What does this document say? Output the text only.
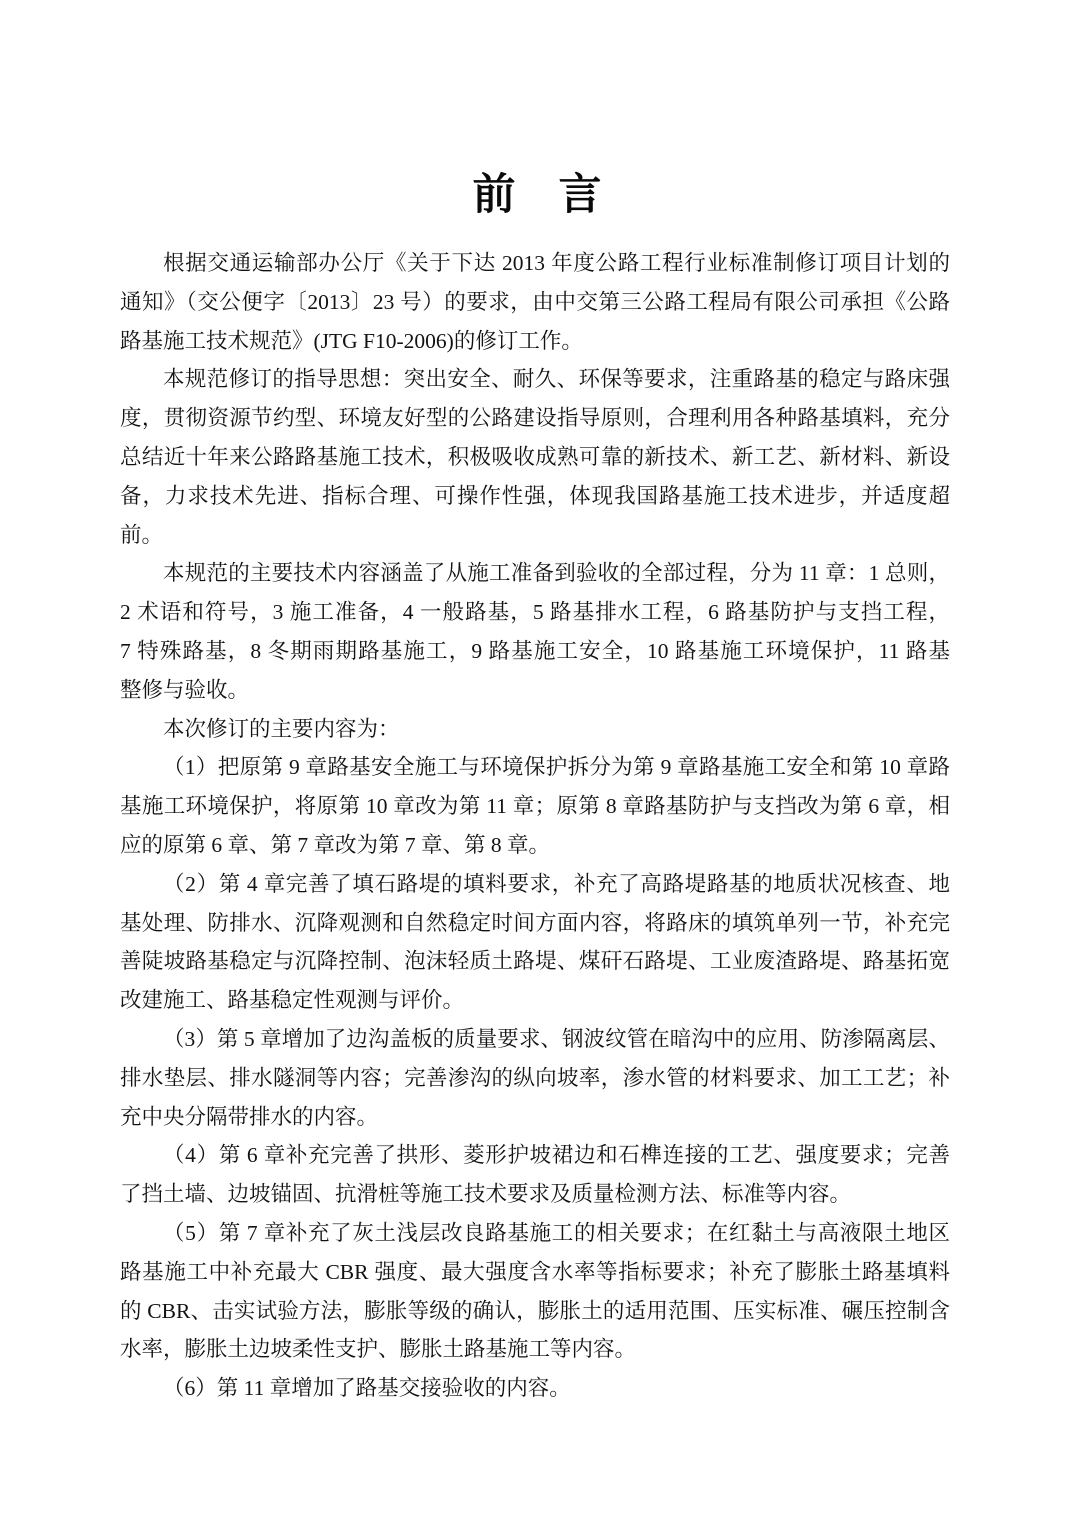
前　言

根据交通运输部办公厅《关于下达 2013 年度公路工程行业标准制修订项目计划的
通知》（交公便字〔2013〕23 号）的要求，由中交第三公路工程局有限公司承担《公路
路基施工技术规范》(JTG F10-2006)的修订工作。

本规范修订的指导思想：突出安全、耐久、环保等要求，注重路基的稳定与路床强
度，贯彻资源节约型、环境友好型的公路建设指导原则，合理利用各种路基填料，充分
总结近十年来公路路基施工技术，积极吸收成熟可靠的新技术、新工艺、新材料、新设
备，力求技术先进、指标合理、可操作性强，体现我国路基施工技术进步，并适度超前。

本规范的主要技术内容涵盖了从施工准备到验收的全部过程，分为 11 章：1 总则，
2 术语和符号，3 施工准备，4 一般路基，5 路基排水工程，6 路基防护与支挡工程，
7 特殊路基，8 冬期雨期路基施工，9 路基施工安全，10 路基施工环境保护，11 路基
整修与验收。

本次修订的主要内容为：

（1）把原第 9 章路基安全施工与环境保护拆分为第 9 章路基施工安全和第 10 章路
基施工环境保护，将原第 10 章改为第 11 章；原第 8 章路基防护与支挡改为第 6 章，相
应的原第 6 章、第 7 章改为第 7 章、第 8 章。

（2）第 4 章完善了填石路堤的填料要求，补充了高路堤路基的地质状况核查、地
基处理、防排水、沉降观测和自然稳定时间方面内容，将路床的填筑单列一节，补充完
善陡坡路基稳定与沉降控制、泡沫轻质土路堤、煤矸石路堤、工业废渣路堤、路基拓宽
改建施工、路基稳定性观测与评价。

（3）第 5 章增加了边沟盖板的质量要求、钢波纹管在暗沟中的应用、防渗隔离层、
排水垫层、排水隧洞等内容；完善渗沟的纵向坡率，渗水管的材料要求、加工工艺；补
充中央分隔带排水的内容。

（4）第 6 章补充完善了拱形、菱形护坡裙边和石榫连接的工艺、强度要求；完善
了挡土墙、边坡锚固、抗滑桩等施工技术要求及质量检测方法、标准等内容。

（5）第 7 章补充了灰土浅层改良路基施工的相关要求；在红黏土与高液限土地区
路基施工中补充最大 CBR 强度、最大强度含水率等指标要求；补充了膨胀土路基填料
的 CBR、击实试验方法，膨胀等级的确认，膨胀土的适用范围、压实标准、碾压控制含
水率，膨胀土边坡柔性支护、膨胀土路基施工等内容。

（6）第 11 章增加了路基交接验收的内容。
